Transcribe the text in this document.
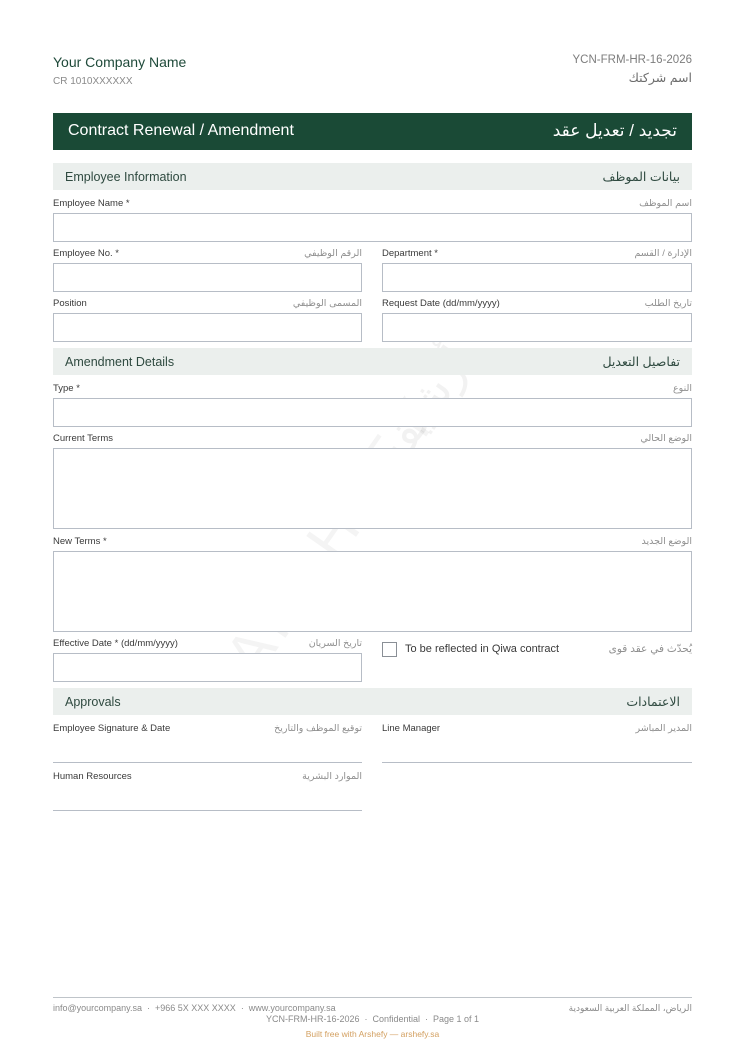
Your Company Name
CR 1010XXXXXX
YCN-FRM-HR-16-2026
اسم شركتك
Contract Renewal / Amendment	تجديد / تعديل عقد
Employee Information	بيانات الموظف
Employee Name *	اسم الموظف
Employee No. *	الرقم الوظيفي Department *	الإدارة / القسم
Position	المسمى الوظيفي Request Date (dd/mm/yyyy)	تاريخ الطلب
Amendment Details	تفاصيل التعديل
Type *	النوع
Current Terms	الوضع الحالي
New Terms *	الوضع الجديد
Effective Date * (dd/mm/yyyy)	تاريخ السريان	To be reflected in Qiwa contract	يُحدّث في عقد قوى
Approvals	الاعتمادات
Employee Signature & Date	توقيع الموظف والتاريخ Line Manager	المدير المباشر
Human Resources	الموارد البشرية
info@yourcompany.sa  ·  +966 5X XXX XXXX  ·  www.yourcompany.sa	الرياض، المملكة العربية السعودية
YCN-FRM-HR-16-2026  ·  Confidential  ·  Page 1 of 1
Built free with Arshefy — arshefy.sa
